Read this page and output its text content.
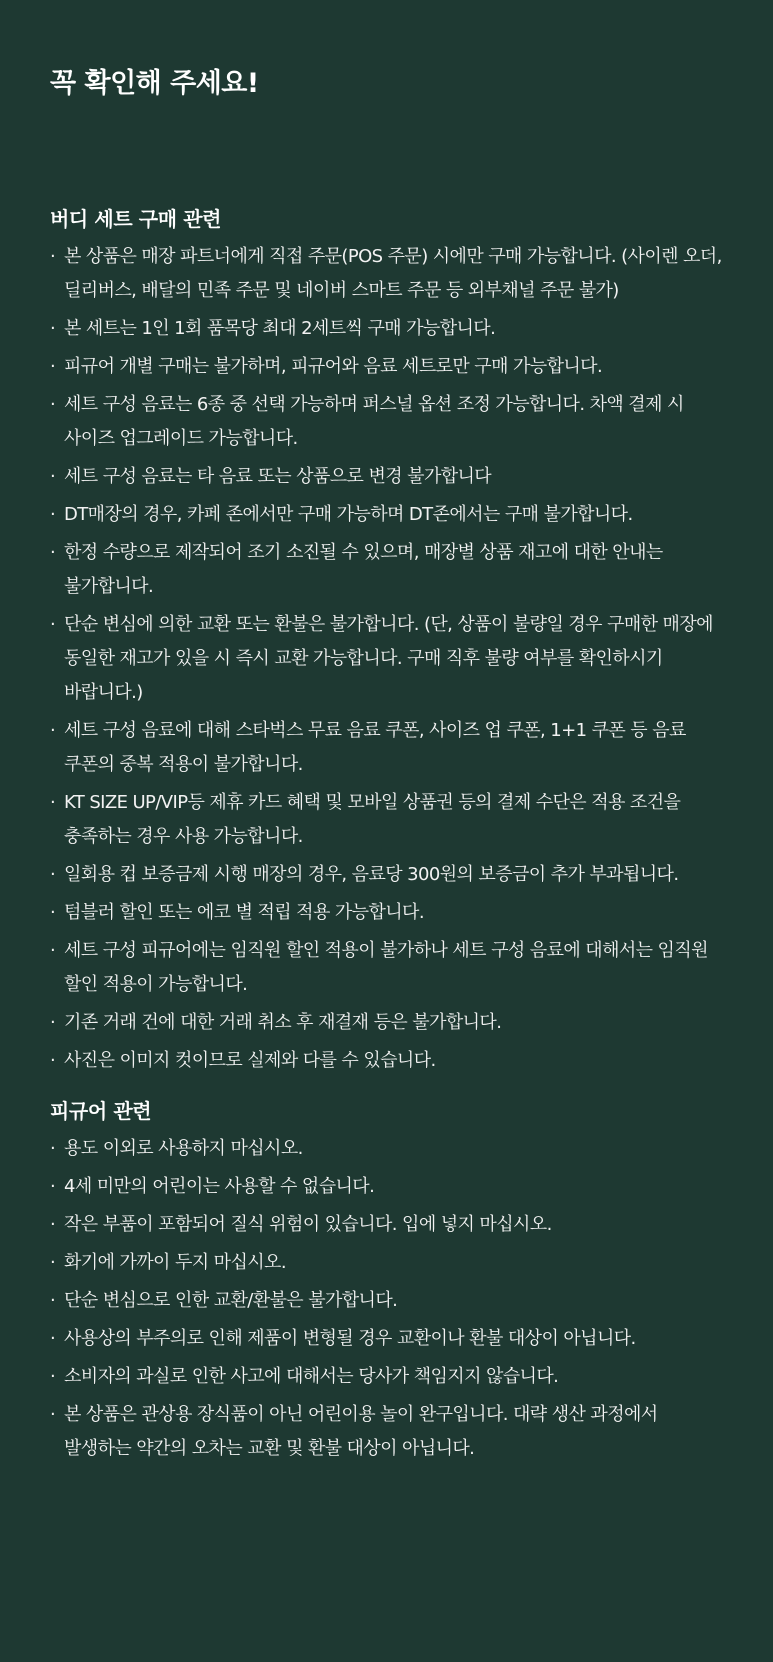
꼭 확인해 주세요!
버디 세트 구매 관련
· 본 상품은 매장 파트너에게 직접 주문(POS 주문) 시에만 구매 가능합니다. (사이렌 오더, 딜리버스, 배달의 민족 주문 및 네이버 스마트 주문 등 외부채널 주문 불가)
· 본 세트는 1인 1회 품목당 최대 2세트씩 구매 가능합니다.
· 피규어 개별 구매는 불가하며, 피규어와 음료 세트로만 구매 가능합니다.
· 세트 구성 음료는 6종 중 선택 가능하며 퍼스널 옵션 조정 가능합니다. 차액 결제 시 사이즈 업그레이드 가능합니다.
· 세트 구성 음료는 타 음료 또는 상품으로 변경 불가합니다
· DT매장의 경우, 카페 존에서만 구매 가능하며 DT존에서는 구매 불가합니다.
· 한정 수량으로 제작되어 조기 소진될 수 있으며, 매장별 상품 재고에 대한 안내는 불가합니다.
· 단순 변심에 의한 교환 또는 환불은 불가합니다. (단, 상품이 불량일 경우 구매한 매장에 동일한 재고가 있을 시 즉시 교환 가능합니다. 구매 직후 불량 여부를 확인하시기 바랍니다.)
· 세트 구성 음료에 대해 스타벅스 무료 음료 쿠폰, 사이즈 업 쿠폰, 1+1 쿠폰 등 음료 쿠폰의 중복 적용이 불가합니다.
· KT SIZE UP/VIP등 제휴 카드 혜택 및 모바일 상품권 등의 결제 수단은 적용 조건을 충족하는 경우 사용 가능합니다.
· 일회용 컵 보증금제 시행 매장의 경우, 음료당 300원의 보증금이 추가 부과됩니다.
· 텀블러 할인 또는 에코 별 적립 적용 가능합니다.
· 세트 구성 피규어에는 임직원 할인 적용이 불가하나 세트 구성 음료에 대해서는 임직원 할인 적용이 가능합니다.
· 기존 거래 건에 대한 거래 취소 후 재결재 등은 불가합니다.
· 사진은 이미지 컷이므로 실제와 다를 수 있습니다.
피규어 관련
· 용도 이외로 사용하지 마십시오.
· 4세 미만의 어린이는 사용할 수 없습니다.
· 작은 부품이 포함되어 질식 위험이 있습니다. 입에 넣지 마십시오.
· 화기에 가까이 두지 마십시오.
· 단순 변심으로 인한 교환/환불은 불가합니다.
· 사용상의 부주의로 인해 제품이 변형될 경우 교환이나 환불 대상이 아닙니다.
· 소비자의 과실로 인한 사고에 대해서는 당사가 책임지지 않습니다.
· 본 상품은 관상용 장식품이 아닌 어린이용 놀이 완구입니다. 대략 생산 과정에서 발생하는 약간의 오차는 교환 및 환불 대상이 아닙니다.
